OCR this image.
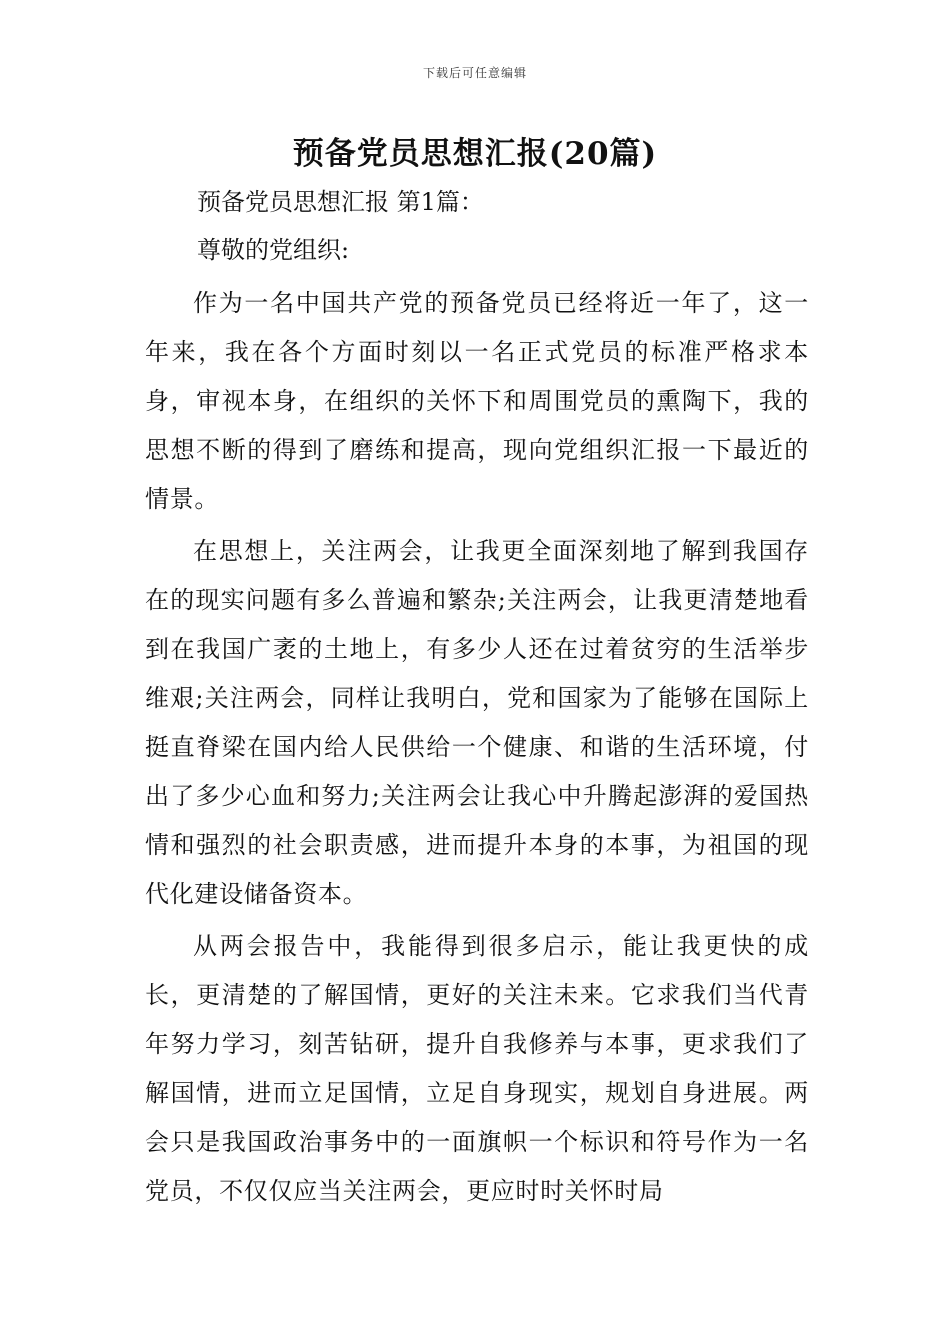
下载后可任意编辑
预备党员思想汇报(20篇)
预备党员思想汇报 第1篇：
尊敬的党组织:

作为一名中国共产党的预备党员已经将近一年了，这一年来，我在各个方面时刻以一名正式党员的标准严格求本身，审视本身，在组织的关怀下和周围党员的熏陶下，我的思想不断的得到了磨练和提高，现向党组织汇报一下最近的情景。

在思想上，关注两会，让我更全面深刻地了解到我国存在的现实问题有多么普遍和繁杂;关注两会，让我更清楚地看到在我国广袤的土地上，有多少人还在过着贫穷的生活举步维艰;关注两会，同样让我明白，党和国家为了能够在国际上挺直脊梁在国内给人民供给一个健康、和谐的生活环境，付出了多少心血和努力;关注两会让我心中升腾起澎湃的爱国热情和强烈的社会职责感，进而提升本身的本事，为祖国的现代化建设储备资本。

从两会报告中，我能得到很多启示，能让我更快的成长，更清楚的了解国情，更好的关注未来。它求我们当代青年努力学习，刻苦钻研，提升自我修养与本事，更求我们了解国情，进而立足国情，立足自身现实，规划自身进展。两会只是我国政治事务中的一面旗帜一个标识和符号作为一名党员，不仅仅应当关注两会，更应时时关怀时局
